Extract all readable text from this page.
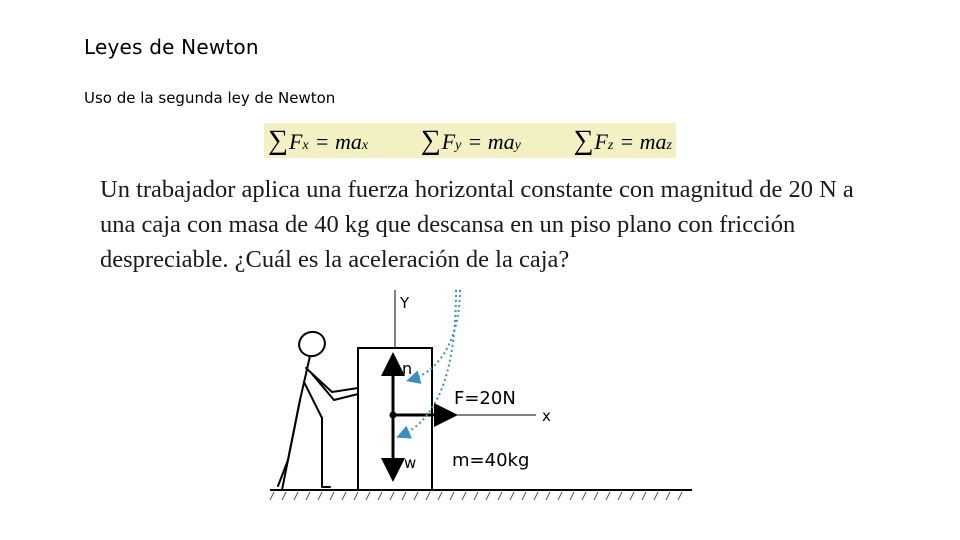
Leyes de Newton

Uso de la segunda ley de Newton

∑ F x = ma x ∑ F y = ma y ∑ F z = ma z

Un trabajador aplica una fuerza horizontal constante con magnitud de 20 N a una caja con masa de 40 kg que descansa en un piso plano con fricción despreciable. ¿Cuál es la aceleración de la caja?

Y
n
w
x
F=20N
m=40kg
